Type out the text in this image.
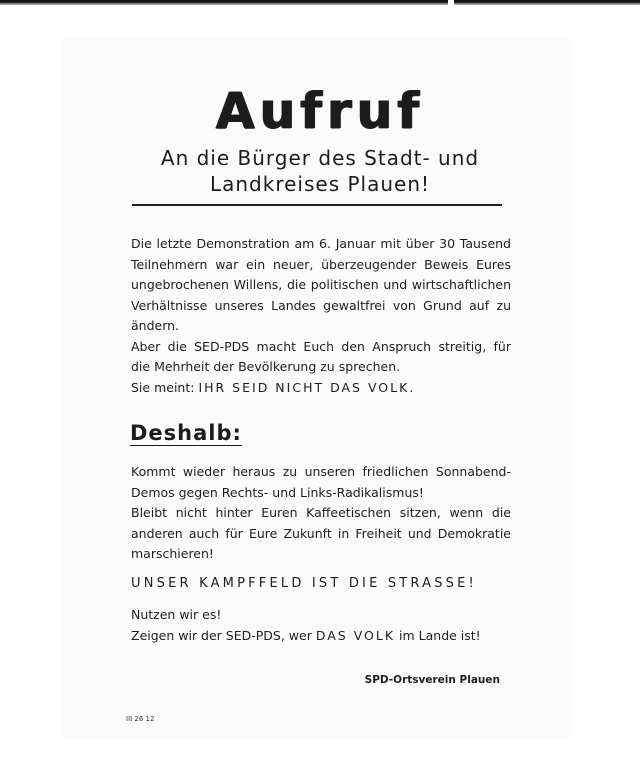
Aufruf
An die Bürger des Stadt- und
Landkreises Plauen!
Die letzte Demonstration am 6. Januar mit über 30 Tausend
Teilnehmern war ein neuer, überzeugender Beweis Eures
ungebrochenen Willens, die politischen und wirtschaftlichen
Verhältnisse unseres Landes gewaltfrei von Grund auf zu
ändern.
Aber die SED-PDS macht Euch den Anspruch streitig, für
die Mehrheit der Bevölkerung zu sprechen.
Sie meint: IHR SEID NICHT DAS VOLK.
Deshalb:
Kommt wieder heraus zu unseren friedlichen Sonnabend-
Demos gegen Rechts- und Links-Radikalismus!
Bleibt nicht hinter Euren Kaffeetischen sitzen, wenn die
anderen auch für Eure Zukunft in Freiheit und Demokratie
marschieren!
UNSER KAMPFFELD IST DIE STRASSE!
Nutzen wir es!
Zeigen wir der SED-PDS, wer DAS VOLK im Lande ist!
SPD-Ortsverein Plauen
III 26 12
